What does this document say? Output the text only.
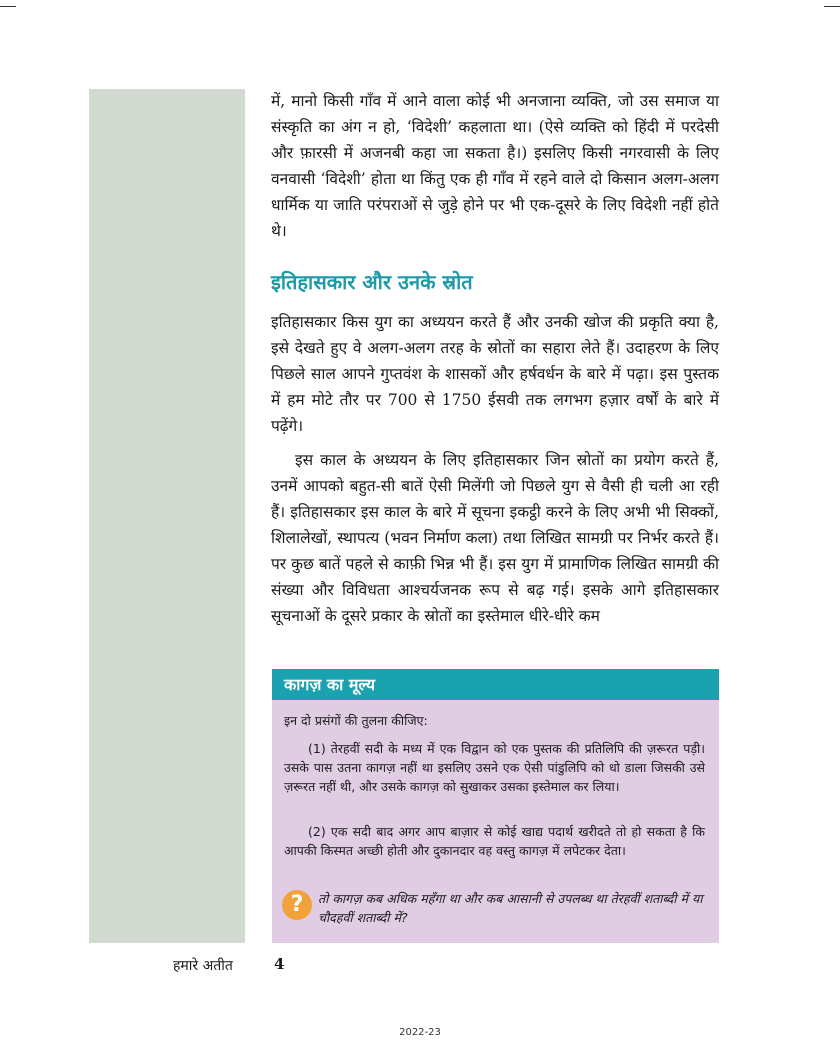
में, मानो किसी गाँव में आने वाला कोई भी अनजाना व्यक्ति, जो उस समाज या संस्कृति का अंग न हो, ‘विदेशी’ कहलाता था। (ऐसे व्यक्ति को हिंदी में परदेसी और फ़ारसी में अजनबी कहा जा सकता है।) इसलिए किसी नगरवासी के लिए वनवासी ‘विदेशी’ होता था किंतु एक ही गाँव में रहने वाले दो किसान अलग-अलग धार्मिक या जाति परंपराओं से जुड़े होने पर भी एक-दूसरे के लिए विदेशी नहीं होते थे।

इतिहासकार और उनके स्रोत

इतिहासकार किस युग का अध्ययन करते हैं और उनकी खोज की प्रकृति क्या है, इसे देखते हुए वे अलग-अलग तरह के स्रोतों का सहारा लेते हैं। उदाहरण के लिए पिछले साल आपने गुप्तवंश के शासकों और हर्षवर्धन के बारे में पढ़ा। इस पुस्तक में हम मोटे तौर पर 700 से 1750 ईसवी तक लगभग हज़ार वर्षों के बारे में पढ़ेंगे।

इस काल के अध्ययन के लिए इतिहासकार जिन स्रोतों का प्रयोग करते हैं, उनमें आपको बहुत-सी बातें ऐसी मिलेंगी जो पिछले युग से वैसी ही चली आ रही हैं। इतिहासकार इस काल के बारे में सूचना इकट्ठी करने के लिए अभी भी सिक्कों, शिलालेखों, स्थापत्य (भवन निर्माण कला) तथा लिखित सामग्री पर निर्भर करते हैं। पर कुछ बातें पहले से काफ़ी भिन्न भी हैं। इस युग में प्रामाणिक लिखित सामग्री की संख्या और विविधता आश्चर्यजनक रूप से बढ़ गई। इसके आगे इतिहासकार सूचनाओं के दूसरे प्रकार के स्रोतों का इस्तेमाल धीरे-धीरे कम

कागज़ का मूल्य

इन दो प्रसंगों की तुलना कीजिए:

(1) तेरहवीं सदी के मध्य में एक विद्वान को एक पुस्तक की प्रतिलिपि की ज़रूरत पड़ी। उसके पास उतना कागज़ नहीं था इसलिए उसने एक ऐसी पांडुलिपि को धो डाला जिसकी उसे ज़रूरत नहीं थी, और उसके कागज़ को सुखाकर उसका इस्तेमाल कर लिया।

(2) एक सदी बाद अगर आप बाज़ार से कोई खाद्य पदार्थ खरीदते तो हो सकता है कि आपकी किस्मत अच्छी होती और दुकानदार वह वस्तु कागज़ में लपेटकर देता।

?	तो कागज़ कब अधिक महँगा था और कब आसानी से उपलब्ध था तेरहवीं शताब्दी में या चौदहवीं शताब्दी में?

हमारे अतीत	4
2022-23
